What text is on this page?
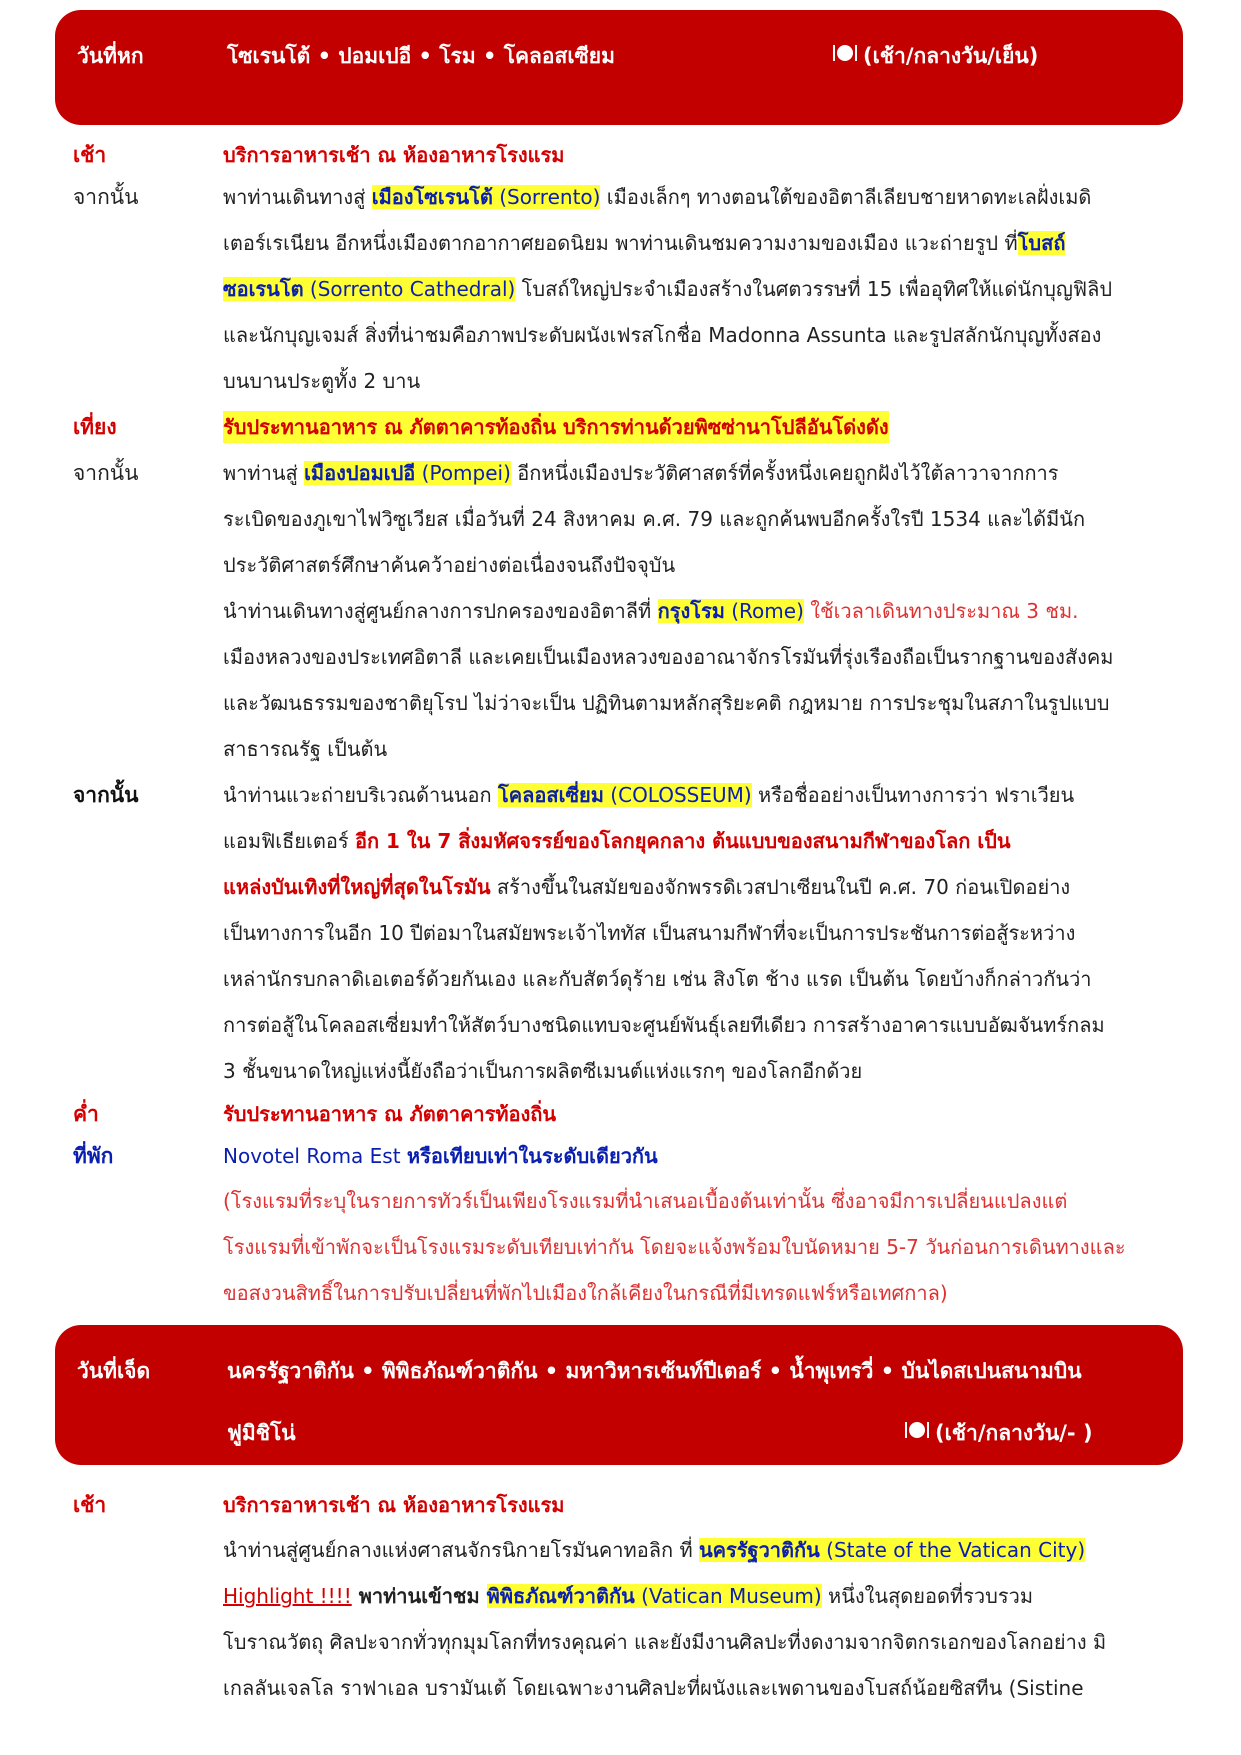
วันที่หก	โซเรนโต้ • ปอมเปอี • โรม • โคลอสเซียม	(เช้า/กลางวัน/เย็น)
เช้า	บริการอาหารเช้า ณ ห้องอาหารโรงแรม
จากนั้น	พาท่านเดินทางสู่ เมืองโซเรนโต้ (Sorrento) เมืองเล็กๆ ทางตอนใต้ของอิตาลีเลียบชายหาดทะเลฝั่งเมดิ
เตอร์เรเนียน อีกหนึ่งเมืองตากอากาศยอดนิยม พาท่านเดินชมความงามของเมือง แวะถ่ายรูป ที่โบสถ์
ซอเรนโต (Sorrento Cathedral) โบสถ์ใหญ่ประจำเมืองสร้างในศตวรรษที่ 15 เพื่ออุทิศให้แด่นักบุญฟิลิป
และนักบุญเจมส์ สิ่งที่น่าชมคือภาพประดับผนังเฟรสโกชื่อ Madonna Assunta และรูปสลักนักบุญทั้งสอง
บนบานประตูทั้ง 2 บาน
เที่ยง	รับประทานอาหาร ณ ภัตตาคารท้องถิ่น บริการท่านด้วยพิซซ่านาโปลีอันโด่งดัง
จากนั้น	พาท่านสู่ เมืองปอมเปอี (Pompei) อีกหนึ่งเมืองประวัติศาสตร์ที่ครั้งหนึ่งเคยถูกฝังไว้ใต้ลาวาจากการ
ระเบิดของภูเขาไฟวิซูเวียส เมื่อวันที่ 24 สิงหาคม ค.ศ. 79 และถูกค้นพบอีกครั้งใรปี 1534 และได้มีนัก
ประวัติศาสตร์ศึกษาค้นคว้าอย่างต่อเนื่องจนถึงปัจจุบัน
นำท่านเดินทางสู่ศูนย์กลางการปกครองของอิตาลีที่ กรุงโรม (Rome) ใช้เวลาเดินทางประมาณ 3 ชม.
เมืองหลวงของประเทศอิตาลี และเคยเป็นเมืองหลวงของอาณาจักรโรมันที่รุ่งเรืองถือเป็นรากฐานของสังคม
และวัฒนธรรมของชาติยุโรป ไม่ว่าจะเป็น ปฏิทินตามหลักสุริยะคติ กฎหมาย การประชุมในสภาในรูปแบบ
สาธารณรัฐ เป็นต้น
จากนั้น	นำท่านแวะถ่ายบริเวณด้านนอก โคลอสเซี่ยม (COLOSSEUM) หรือชื่ออย่างเป็นทางการว่า ฟราเวียน
แอมฟิเธียเตอร์ อีก 1 ใน 7 สิ่งมหัศจรรย์ของโลกยุคกลาง ต้นแบบของสนามกีฬาของโลก เป็น
แหล่งบันเทิงที่ใหญ่ที่สุดในโรมัน สร้างขึ้นในสมัยของจักพรรดิเวสปาเซียนในปี ค.ศ. 70 ก่อนเปิดอย่าง
เป็นทางการในอีก 10 ปีต่อมาในสมัยพระเจ้าไททัส เป็นสนามกีฬาที่จะเป็นการประชันการต่อสู้ระหว่าง
เหล่านักรบกลาดิเอเตอร์ด้วยกันเอง และกับสัตว์ดุร้าย เช่น สิงโต ช้าง แรด เป็นต้น โดยบ้างก็กล่าวกันว่า
การต่อสู้ในโคลอสเซี่ยมทำให้สัตว์บางชนิดแทบจะศูนย์พันธุ์เลยทีเดียว การสร้างอาคารแบบอัฒจันทร์กลม
3 ชั้นขนาดใหญ่แห่งนี้ยังถือว่าเป็นการผลิตซีเมนต์แห่งแรกๆ ของโลกอีกด้วย
ค่ำ	รับประทานอาหาร ณ ภัตตาคารท้องถิ่น
ที่พัก	Novotel Roma Est หรือเทียบเท่าในระดับเดียวกัน
(โรงแรมที่ระบุในรายการทัวร์เป็นเพียงโรงแรมที่นำเสนอเบื้องต้นเท่านั้น ซึ่งอาจมีการเปลี่ยนแปลงแต่
โรงแรมที่เข้าพักจะเป็นโรงแรมระดับเทียบเท่ากัน โดยจะแจ้งพร้อมใบนัดหมาย 5-7 วันก่อนการเดินทางและ
ขอสงวนสิทธิ์ในการปรับเปลี่ยนที่พักไปเมืองใกล้เคียงในกรณีที่มีเทรดแฟร์หรือเทศกาล)
วันที่เจ็ด	นครรัฐวาติกัน • พิพิธภัณฑ์วาติกัน • มหาวิหารเซ้นท์ปีเตอร์ • น้ำพุเทรวี่ • บันไดสเปนสนามบิน
ฟูมิชิโน่	(เช้า/กลางวัน/- )
เช้า	บริการอาหารเช้า ณ ห้องอาหารโรงแรม
นำท่านสู่ศูนย์กลางแห่งศาสนจักรนิกายโรมันคาทอลิก ที่ นครรัฐวาติกัน (State of the Vatican City)
Highlight !!!! พาท่านเข้าชม พิพิธภัณฑ์วาติกัน (Vatican Museum) หนึ่งในสุดยอดที่รวบรวม
โบราณวัตถุ ศิลปะจากทั่วทุกมุมโลกที่ทรงคุณค่า และยังมีงานศิลปะที่งดงามจากจิตกรเอกของโลกอย่าง มิ
เกลลันเจลโล ราฟาเอล บรามันเต้ โดยเฉพาะงานศิลปะที่ผนังและเพดานของโบสถ์น้อยซิสทีน (Sistine
